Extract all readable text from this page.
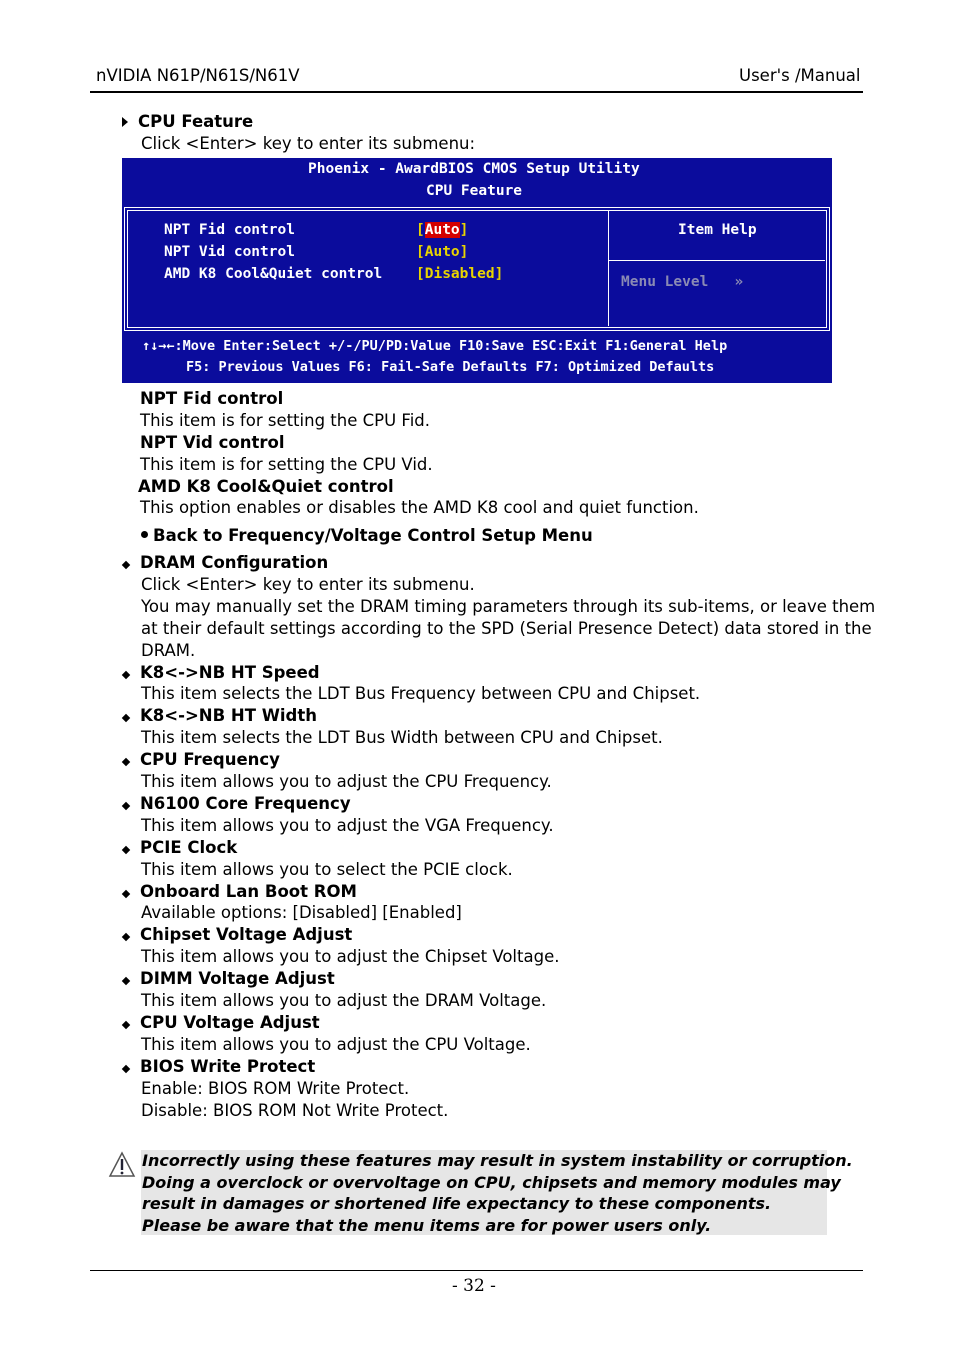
nVIDIA N61P/N61S/N61V	User's /Manual
CPU Feature
Click <Enter> key to enter its submenu:
Phoenix - AwardBIOS CMOS Setup Utility
CPU Feature
NPT Fid control
NPT Vid control
AMD K8 Cool&Quiet control
[Auto]
[Auto]
[Disabled]
Item Help
Menu Level »
↑↓→←:Move Enter:Select +/-/PU/PD:Value F10:Save ESC:Exit F1:General Help
F5: Previous Values F6: Fail-Safe Defaults F7: Optimized Defaults
NPT Fid control
This item is for setting the CPU Fid.
NPT Vid control
This item is for setting the CPU Vid.
AMD K8 Cool&Quiet control
This option enables or disables the AMD K8 cool and quiet function.
Back to Frequency/Voltage Control Setup Menu
DRAM Configuration
Click <Enter> key to enter its submenu.
You may manually set the DRAM timing parameters through its sub-items, or leave them
at their default settings according to the SPD (Serial Presence Detect) data stored in the
DRAM.
K8<->NB HT Speed
This item selects the LDT Bus Frequency between CPU and Chipset.
K8<->NB HT Width
This item selects the LDT Bus Width between CPU and Chipset.
CPU Frequency
This item allows you to adjust the CPU Frequency.
N6100 Core Frequency
This item allows you to adjust the VGA Frequency.
PCIE Clock
This item allows you to select the PCIE clock.
Onboard Lan Boot ROM
Available options: [Disabled] [Enabled]
Chipset Voltage Adjust
This item allows you to adjust the Chipset Voltage.
DIMM Voltage Adjust
This item allows you to adjust the DRAM Voltage.
CPU Voltage Adjust
This item allows you to adjust the CPU Voltage.
BIOS Write Protect
Enable: BIOS ROM Write Protect.
Disable: BIOS ROM Not Write Protect.
Incorrectly using these features may result in system instability or corruption.
Doing a overclock or overvoltage on CPU, chipsets and memory modules may
result in damages or shortened life expectancy to these components.
Please be aware that the menu items are for power users only.
- 32 -
